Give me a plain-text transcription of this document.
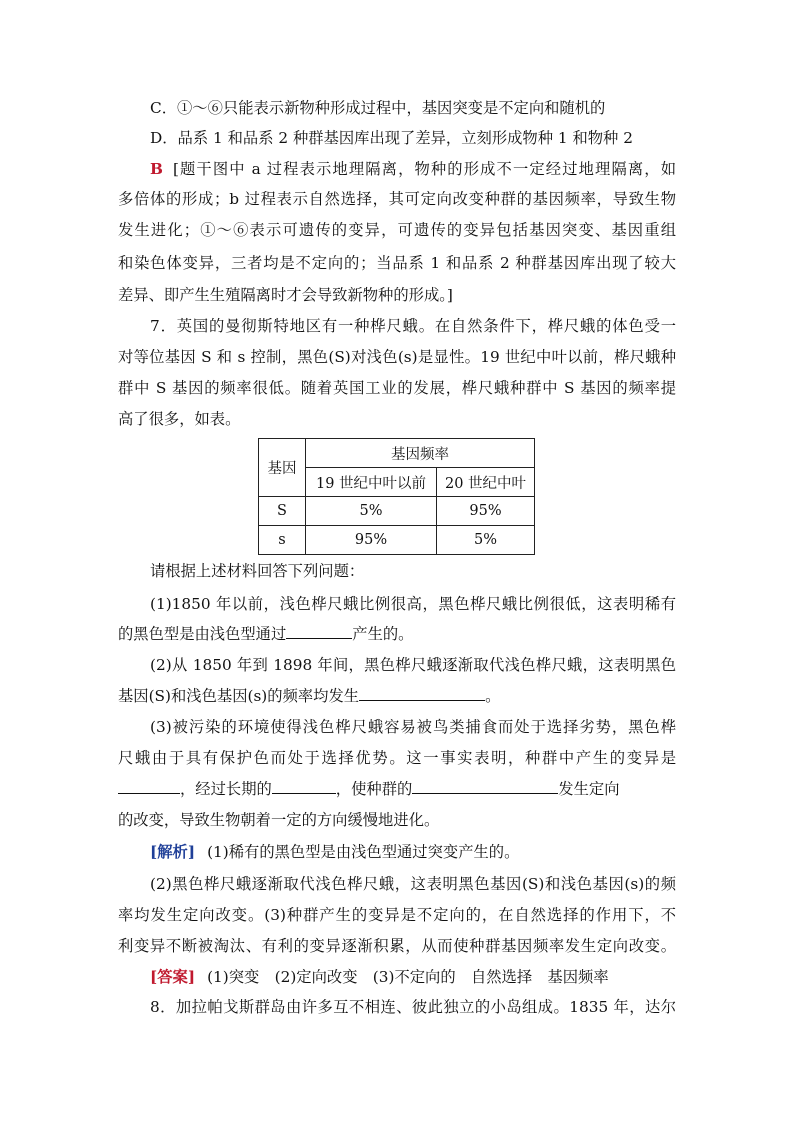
C．①～⑥只能表示新物种形成过程中，基因突变是不定向和随机的
D．品系 1 和品系 2 种群基因库出现了差异，立刻形成物种 1 和物种 2
B [题干图中 a 过程表示地理隔离，物种的形成不一定经过地理隔离，如
多倍体的形成；b 过程表示自然选择，其可定向改变种群的基因频率，导致生物
发生进化；①～⑥表示可遗传的变异，可遗传的变异包括基因突变、基因重组
和染色体变异，三者均是不定向的；当品系 1 和品系 2 种群基因库出现了较大
差异、即产生生殖隔离时才会导致新物种的形成。]
7．英国的曼彻斯特地区有一种桦尺蛾。在自然条件下，桦尺蛾的体色受一
对等位基因 S 和 s 控制，黑色(S)对浅色(s)是显性。19 世纪中叶以前，桦尺蛾种
群中 S 基因的频率很低。随着英国工业的发展，桦尺蛾种群中 S 基因的频率提
高了很多，如表。
基因	基因频率	
	19 世纪中叶以前	20 世纪中叶
S	5%	95%
s	95%	5%
请根据上述材料回答下列问题：
(1)1850 年以前，浅色桦尺蛾比例很高，黑色桦尺蛾比例很低，这表明稀有
的黑色型是由浅色型通过	产生的。
(2)从 1850 年到 1898 年间，黑色桦尺蛾逐渐取代浅色桦尺蛾，这表明黑色
基因(S)和浅色基因(s)的频率均发生	。
(3)被污染的环境使得浅色桦尺蛾容易被鸟类捕食而处于选择劣势，黑色桦
尺蛾由于具有保护色而处于选择优势。这一事实表明，种群中产生的变异是
，经过长期的	，使种群的	发生定向
的改变，导致生物朝着一定的方向缓慢地进化。
[解析] (1)稀有的黑色型是由浅色型通过突变产生的。
(2)黑色桦尺蛾逐渐取代浅色桦尺蛾，这表明黑色基因(S)和浅色基因(s)的频
率均发生定向改变。(3)种群产生的变异是不定向的，在自然选择的作用下，不
利变异不断被淘汰、有利的变异逐渐积累，从而使种群基因频率发生定向改变。
[答案] (1)突变　(2)定向改变　(3)不定向的　自然选择　基因频率
8．加拉帕戈斯群岛由许多互不相连、彼此独立的小岛组成。1835 年，达尔
